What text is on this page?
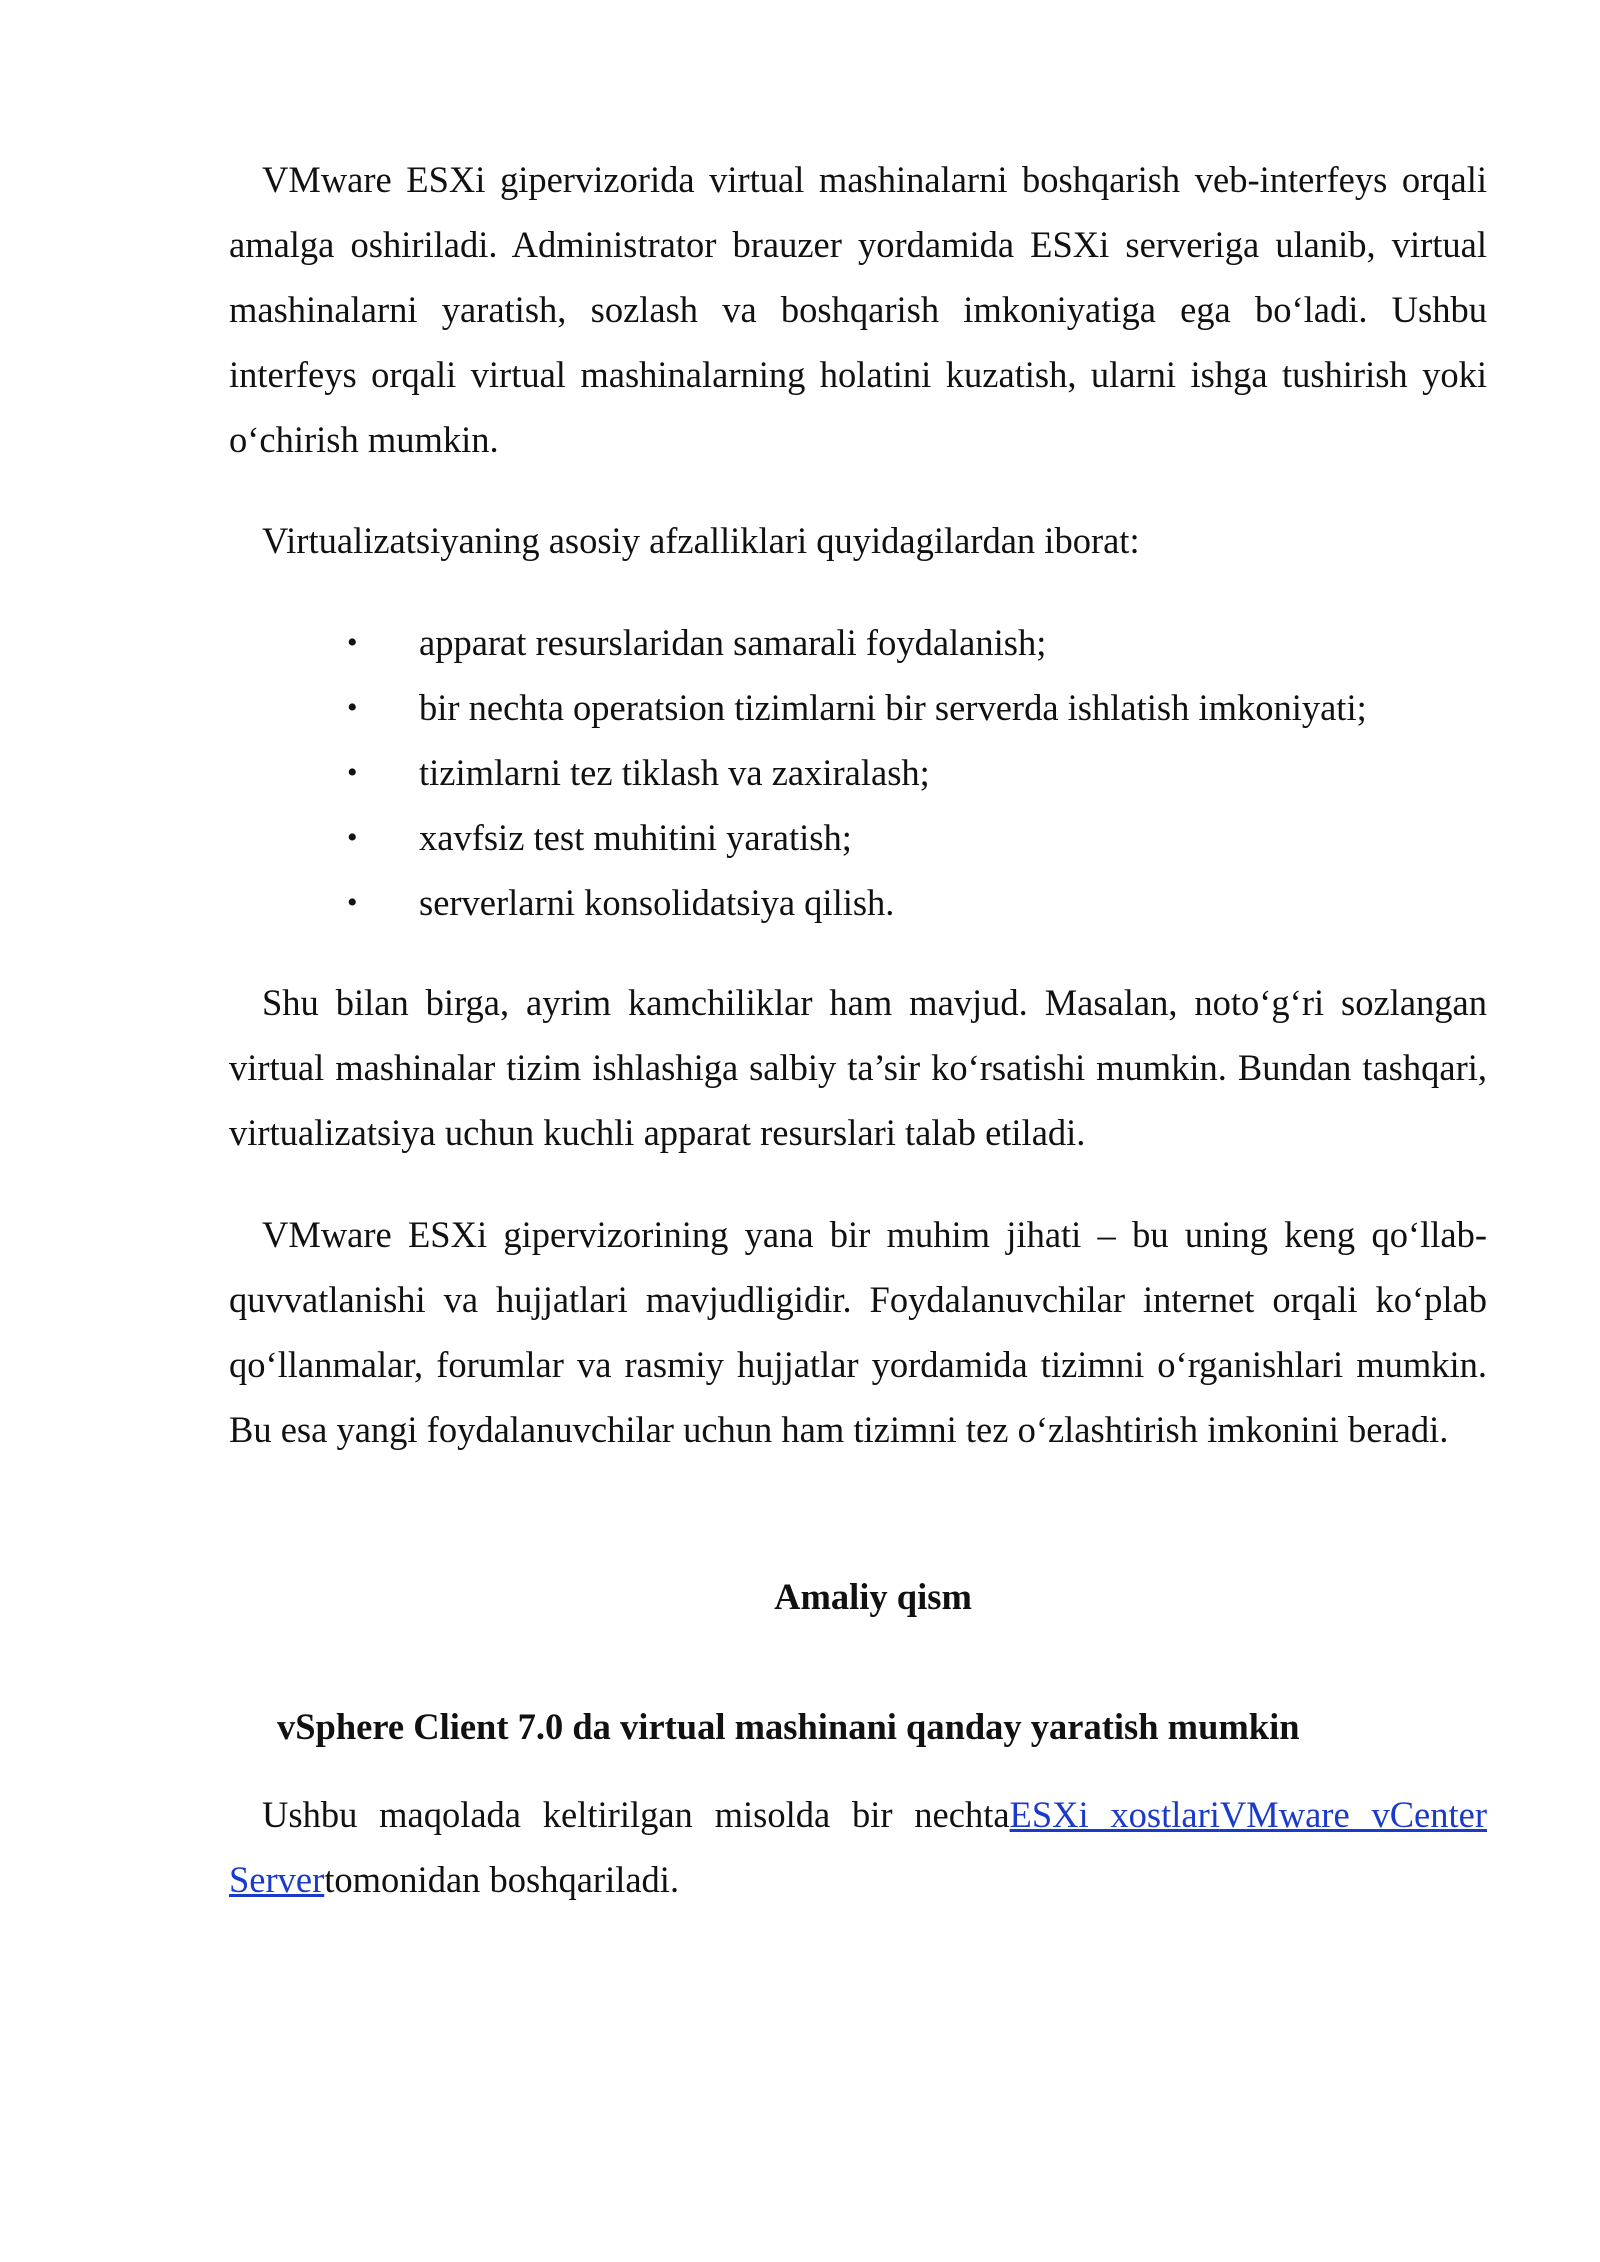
VMware ESXi gipervizorida virtual mashinalarni boshqarish veb-interfeys orqali amalga oshiriladi. Administrator brauzer yordamida ESXi serveriga ulanib, virtual mashinalarni yaratish, sozlash va boshqarish imkoniyatiga ega bo‘ladi. Ushbu interfeys orqali virtual mashinalarning holatini kuzatish, ularni ishga tushirish yoki o‘chirish mumkin.

Virtualizatsiyaning asosiy afzalliklari quyidagilardan iborat:

• apparat resurslaridan samarali foydalanish;
• bir nechta operatsion tizimlarni bir serverda ishlatish imkoniyati;
• tizimlarni tez tiklash va zaxiralash;
• xavfsiz test muhitini yaratish;
• serverlarni konsolidatsiya qilish.

Shu bilan birga, ayrim kamchiliklar ham mavjud. Masalan, noto‘g‘ri sozlangan virtual mashinalar tizim ishlashiga salbiy ta’sir ko‘rsatishi mumkin. Bundan tashqari, virtualizatsiya uchun kuchli apparat resurslari talab etiladi.

VMware ESXi gipervizorining yana bir muhim jihati – bu uning keng qo‘llab-quvvatlanishi va hujjatlari mavjudligidir. Foydalanuvchilar internet orqali ko‘plab qo‘llanmalar, forumlar va rasmiy hujjatlar yordamida tizimni o‘rganishlari mumkin. Bu esa yangi foydalanuvchilar uchun ham tizimni tez o‘zlashtirish imkonini beradi.

Amaliy qism
vSphere Client 7.0 da virtual mashinani qanday yaratish mumkin

Ushbu maqolada keltirilgan misolda bir nechtaESXi xostlariVMware vCenter Servertomonidan boshqariladi.
